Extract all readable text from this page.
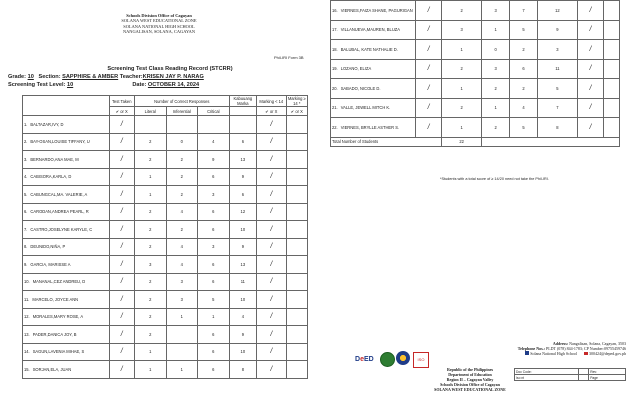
Schools Division Office of Cagayan
SOLANA WEST EDUCATIONAL ZONE
SOLANA NATIONAL HIGH SCHOOL
NANGALISAN, SOLANA, CAGAYAN
Phil-IRI Form 3B
Screening Test Class Reading Record (STCRR)
Grade: 10 Section: SAPPHIRE & AMBER Teacher:KRISEN JAY P. NARAG
Screening Test Level: 10	Date: OCTOBER 14, 2024
	Test Taken	Number of Correct Responses			Kabuuang Marka	Marking < 14	Marking ≥ 14 *
	✔ or X	Literal	Inferential	Critical		✔ or X	✔ or X
1. BALTAZAR,IVY, D	/					/	
2. BAY-OSAN,LOUISE TIFFANY, U	/	2	0	4	6	/	
3. BERNARDO,ANA MAE, M	/	2	2	9	13	/	
4. CABISORA,KARLA, D	/	1	2	6	9	/	
5. CABUNGCAL,MA. VALERIE, A	/	1	2	3	6	/	
6. CARODAN,ANDREA PEARL, R	/	2	4	6	12	/	
7. CASTRO,JOSELYNE KARYLE, C	/	2	2	6	10	/	
8. DEUNIDO,NIÑA, P	/	2	4	3	9	/	
9. GARCIA, MARISSE A	/	3	4	6	13	/	
10. MANANAL,CEZ ANDREU, D	/	2	3	6	11	/	
11. MARCELO, JOYCE ANN	/	2	3	5	10	/	
12. MORALES,MARY ROSE, A	/	2	1	1	4	/	
13. PADER,DANICA JOY, B	/	2		6	9	/	
14. SAGUN,LAVENIA MIHAE, S	/	1		6	10	/	
15. SORJAN,ELA, JUAN	/	1	1	6	8	/	
16. VIERNES,FAIZA SHANE, PAGURIGAN	/	2	3	7	12	/	
17. VILLANUEVA,MAUREN, BLUZA	/	3	1	5	9	/	
18. BALUBAL, KATE NATHALIE D.	/	1	0	2	3	/	
19. LOZANO, ELIZA	/	2	3	6	11	/	
20. SABADO, NICOLE D.	/	1	2	2	5	/	
21. VALLE, JEWELL MITCH K.	/	2	1	4	7	/	
22. VIERNES, BRYLLE ASTHER S.	/	1	2	5	8	/	
Total Number of Students		22					
*Students with a total score of ≥ 14/20 need not take the Phil-IRI.
Address: Nangalisan, Solana, Cagayan, 3503
Telephone Nos.: PLDT (078) 844-1783; CP Number:09755459746
Solana National High School	300424@deped.gov.ph
DeED	ISO
Republic of the Philippines
Department of Education
Region II – Cagayan Valley
Schools Division Office of Cagayan
SOLANA WEST EDUCATIONAL ZONE
Doc Code:		Rev:
Iso nt		Page
